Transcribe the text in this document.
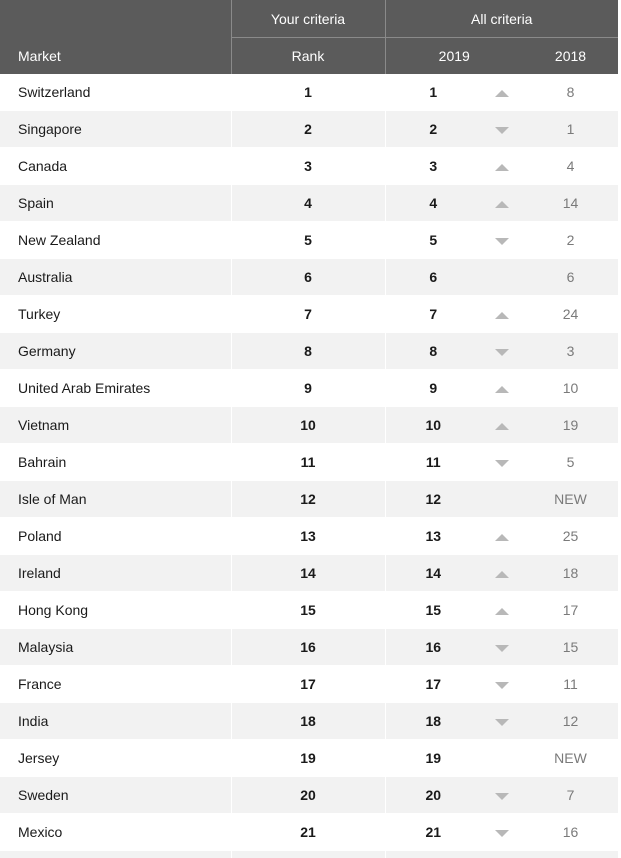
Market	Your criteria	All criteria		
	Rank	2019		2018
Switzerland	1	1		8
Singapore	2	2		1
Canada	3	3		4
Spain	4	4		14
New Zealand	5	5		2
Australia	6	6		6
Turkey	7	7		24
Germany	8	8		3
United Arab Emirates	9	9		10
Vietnam	10	10		19
Bahrain	11	11		5
Isle of Man	12	12		NEW
Poland	13	13		25
Ireland	14	14		18
Hong Kong	15	15		17
Malaysia	16	16		15
France	17	17		11
India	18	18		12
Jersey	19	19		NEW
Sweden	20	20		7
Mexico	21	21		16
